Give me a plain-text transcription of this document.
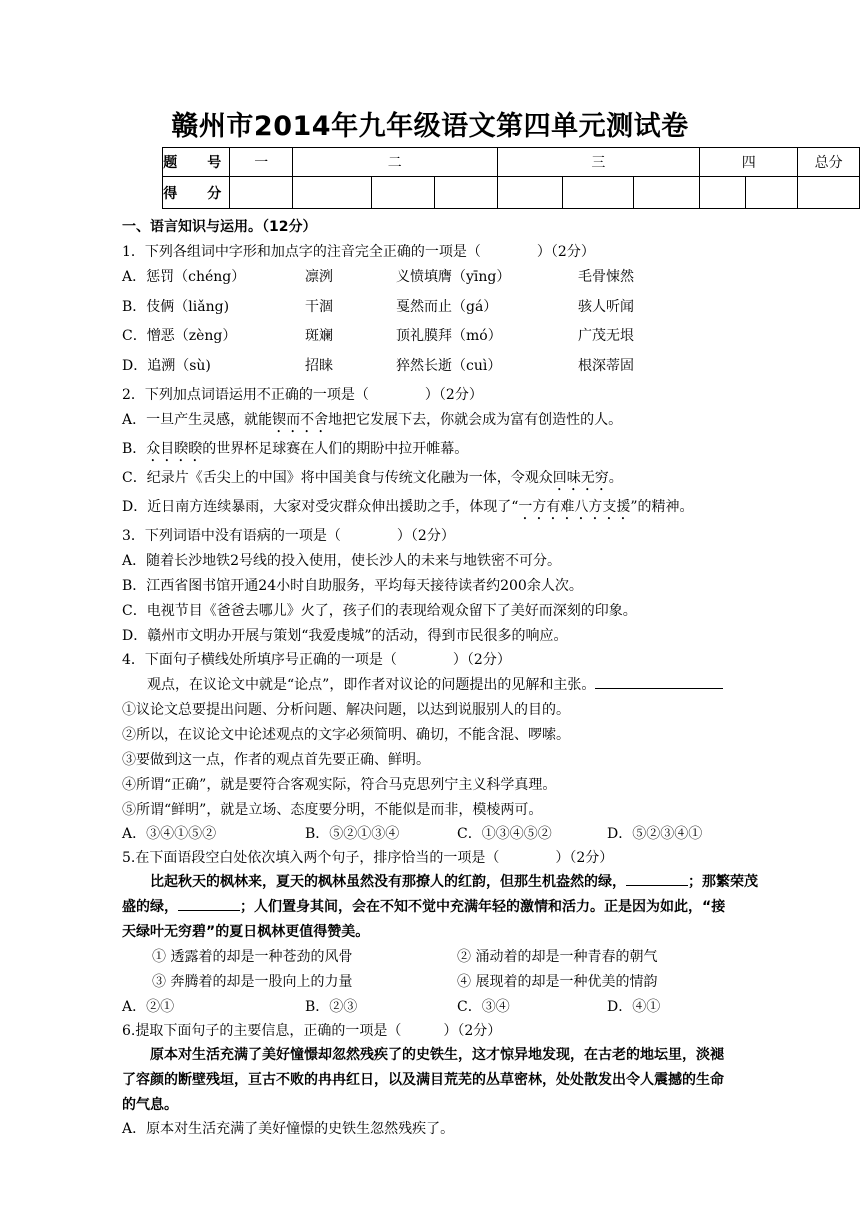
赣州市2014年九年级语文第四单元测试卷
题　号	一	二			三			四		总分
得　分										
一、语言知识与运用。（12分）
1．下列各组词中字形和加点字的注音完全正确的一项是（　　　　）（2分）
A．惩罚（chéng）	凛洌	义愤填膺（yīng）	毛骨悚然
B．伎俩（liǎng)	干涸	戛然而止（gá）	骇人听闻
C．憎恶（zèng）	斑斓	顶礼膜拜（mó）	广茂无垠
D．追溯（sù)	招睐	猝然长逝（cuì）	根深蒂固
2．下列加点词语运用不正确的一项是（　　　　）（2分）
A．一旦产生灵感，就能锲而不舍地把它发展下去，你就会成为富有创造性的人。
B．众目睽睽的世界杯足球赛在人们的期盼中拉开帷幕。
C．纪录片《舌尖上的中国》将中国美食与传统文化融为一体，令观众回味无穷。
D．近日南方连续暴雨，大家对受灾群众伸出援助之手，体现了“一方有难八方支援”的精神。
3．下列词语中没有语病的一项是（　　　　）（2分）
A．随着长沙地铁2号线的投入使用，使长沙人的未来与地铁密不可分。
B．江西省图书馆开通24小时自助服务，平均每天接待读者约200余人次。
C．电视节目《爸爸去哪儿》火了，孩子们的表现给观众留下了美好而深刻的印象。
D．赣州市文明办开展与策划“我爱虔城”的活动，得到市民很多的响应。
4．下面句子横线处所填序号正确的一项是（　　　　）（2分）
观点，在议论文中就是“论点”，即作者对议论的问题提出的见解和主张。
①议论文总要提出问题、分析问题、解决问题，以达到说服别人的目的。
②所以，在议论文中论述观点的文字必须简明、确切，不能含混、啰嗦。
③要做到这一点，作者的观点首先要正确、鲜明。
④所谓“正确”，就是要符合客观实际，符合马克思列宁主义科学真理。
⑤所谓“鲜明”，就是立场、态度要分明，不能似是而非，模棱两可。
A．③④①⑤②	B．⑤②①③④	C．①③④⑤②	D．⑤②③④①
5.在下面语段空白处依次填入两个句子，排序恰当的一项是（　　　　）（2分）
比起秋天的枫林来，夏天的枫林虽然没有那撩人的红韵，但那生机盎然的绿，	；那繁荣茂
盛的绿，	；人们置身其间，会在不知不觉中充满年轻的激情和活力。正是因为如此，“接
天绿叶无穷碧”的夏日枫林更值得赞美。
① 透露着的却是一种苍劲的风骨	② 涌动着的却是一种青春的朝气
③ 奔腾着的却是一股向上的力量	④ 展现着的却是一种优美的情韵
A．②①	B．②③	C．③④	D．④①
6.提取下面句子的主要信息，正确的一项是（　　　）（2分）
原本对生活充满了美好憧憬却忽然残疾了的史铁生，这才惊异地发现，在古老的地坛里，淡褪
了容颜的断壁残垣，亘古不败的冉冉红日，以及满目荒芜的丛草密林，处处散发出令人震撼的生命
的气息。
A．原本对生活充满了美好憧憬的史铁生忽然残疾了。
